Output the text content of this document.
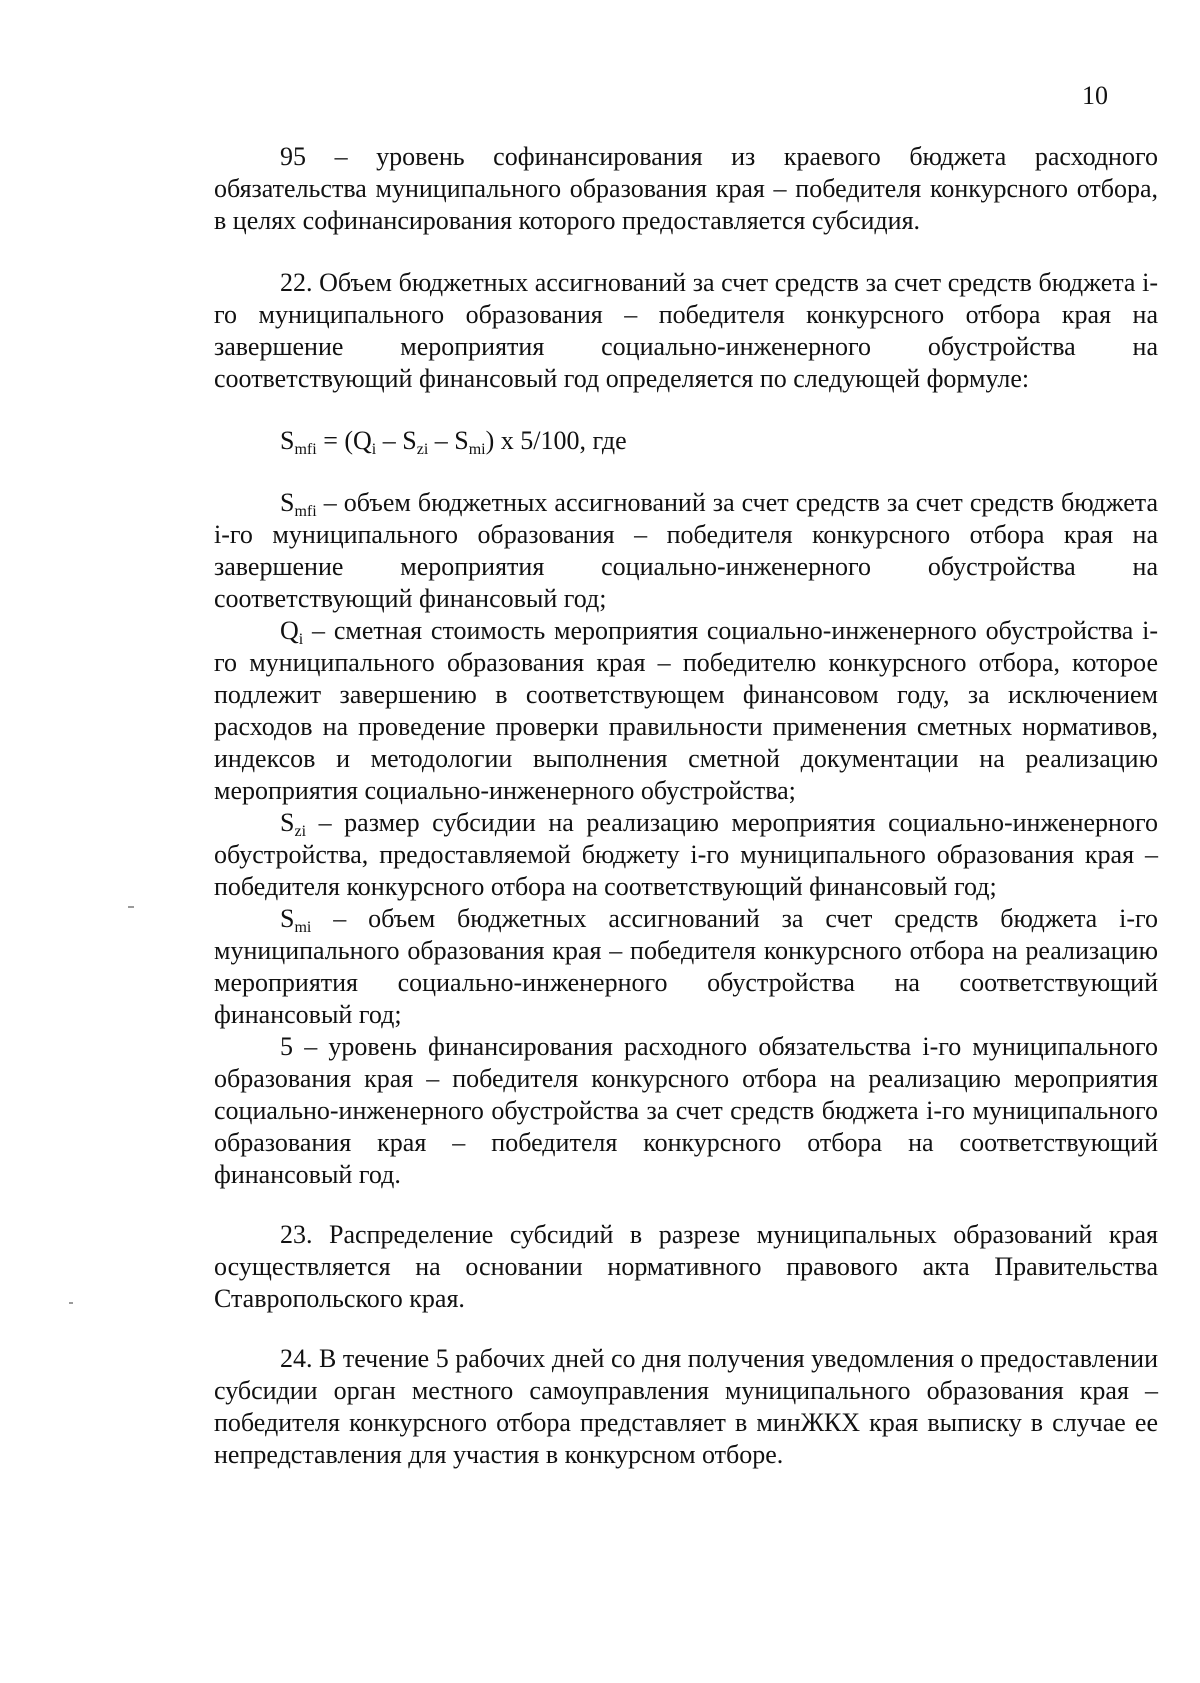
10

95 – уровень софинансирования из краевого бюджета расходного обязательства муниципального образования края – победителя конкурсного отбора, в целях софинансирования которого предоставляется субсидия.

22. Объем бюджетных ассигнований за счет средств за счет средств бюджета i-го муниципального образования – победителя конкурсного отбора края на завершение мероприятия социально-инженерного обустройства на соответствующий финансовый год определяется по следующей формуле:

Smfi = (Qi – Szi – Smi) x 5/100, где

Smfi – объем бюджетных ассигнований за счет средств за счет средств бюджета i-го муниципального образования – победителя конкурсного отбора края на завершение мероприятия социально-инженерного обустройства на соответствующий финансовый год;

Qi – сметная стоимость мероприятия социально-инженерного обустройства i-го муниципального образования края – победителю конкурсного отбора, которое подлежит завершению в соответствующем финансовом году, за исключением расходов на проведение проверки правильности применения сметных нормативов, индексов и методологии выполнения сметной документации на реализацию мероприятия социально-инженерного обустройства;

Szi – размер субсидии на реализацию мероприятия социально-инженерного обустройства, предоставляемой бюджету i-го муниципального образования края – победителя конкурсного отбора на соответствующий финансовый год;

Smi – объем бюджетных ассигнований за счет средств бюджета i-го муниципального образования края – победителя конкурсного отбора на реализацию мероприятия социально-инженерного обустройства на соответствующий финансовый год;

5 – уровень финансирования расходного обязательства i-го муниципального образования края – победителя конкурсного отбора на реализацию мероприятия социально-инженерного обустройства за счет средств бюджета i-го муниципального образования края – победителя конкурсного отбора на соответствующий финансовый год.

23. Распределение субсидий в разрезе муниципальных образований края осуществляется на основании нормативного правового акта Правительства Ставропольского края.

24. В течение 5 рабочих дней со дня получения уведомления о предоставлении субсидии орган местного самоуправления муниципального образования края – победителя конкурсного отбора представляет в минЖКХ края выписку в случае ее непредставления для участия в конкурсном отборе.
